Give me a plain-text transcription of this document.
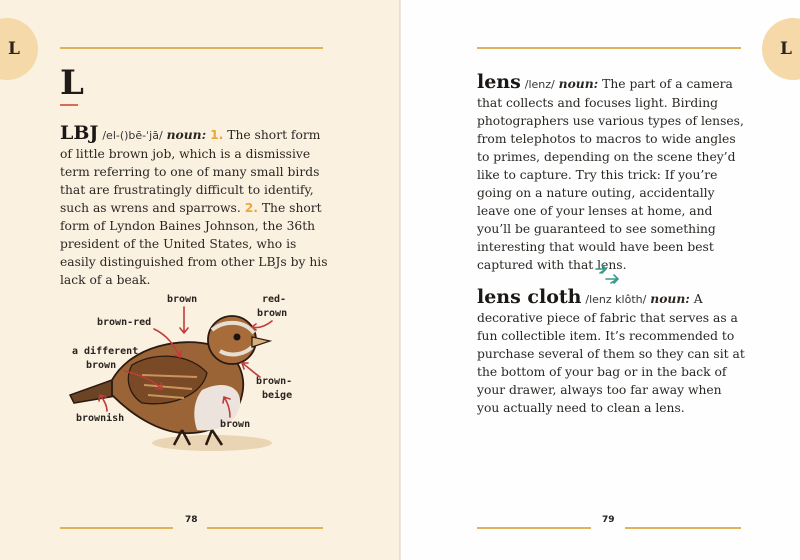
L
L
LBJ /el-()bē-ˈjā/ noun: 1. The short form of little brown job, which is a dismissive term referring to one of many small birds that are frustratingly difficult to identify, such as wrens and sparrows. 2. The short form of Lyndon Baines Johnson, the 36th president of the United States, who is easily distinguished from other LBJs by his lack of a beak.
brown	red-
brown
brown-red
a different
brown
brown-
beige
brownish
brown
78
L
lens /lenz/ noun: The part of a camera that collects and focuses light. Birding photographers use various types of lenses, from telephotos to macros to wide angles to primes, depending on the scene they’d like to capture. Try this trick: If you’re going on a nature outing, accidentally leave one of your lenses at home, and you’ll be guaranteed to see something interesting that would have been best captured with that lens.
lens cloth /lenz klôth/ noun: A decorative piece of fabric that serves as a fun collectible item. It’s recommended to purchase several of them so they can sit at the bottom of your bag or in the back of your drawer, always too far away when you actually need to clean a lens.
79
